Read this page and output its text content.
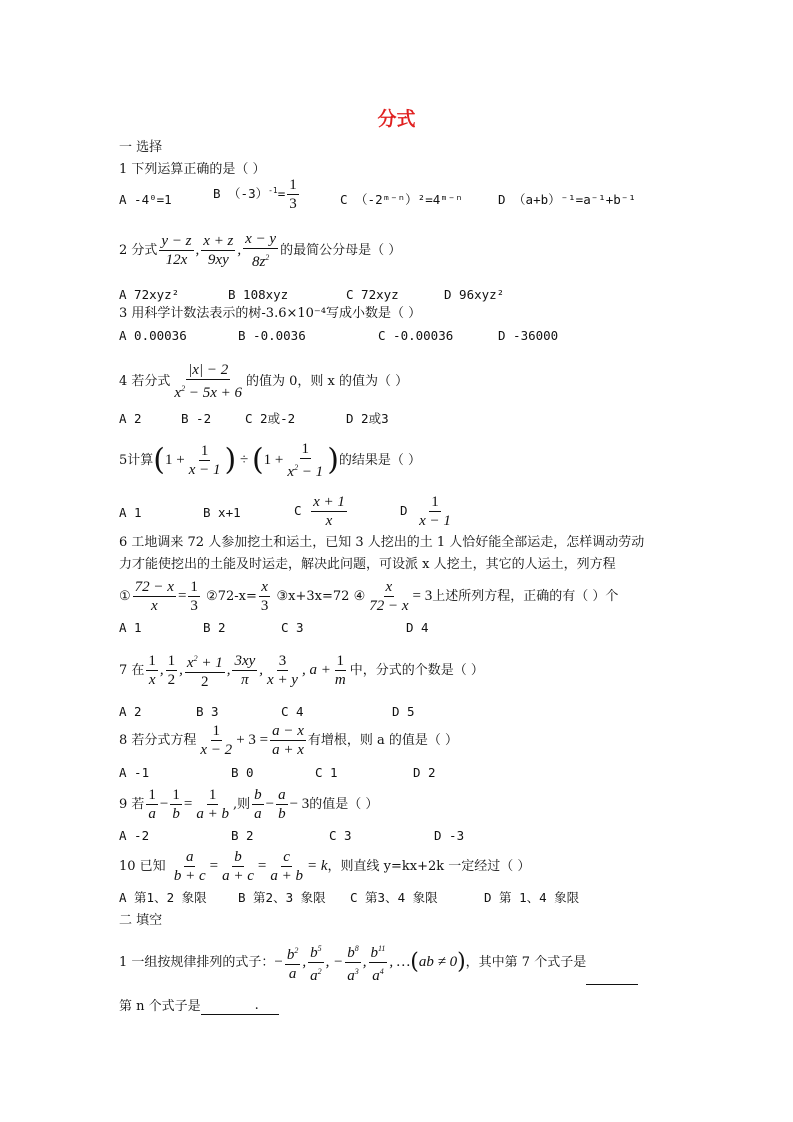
分式
一 选择
1 下列运算正确的是（ ）
A -4⁰=1	B $(-3)^{-1}= \frac{1}{3}$	C （-2ᵐ⁻ⁿ）²=4ᵐ⁻ⁿ	D （a+b）⁻¹=a⁻¹+b⁻¹
2 分式 $\frac{y - z}{12x}$ , $\frac{x + z}{9xy}$ , $\frac{x - y}{8z^2}$ 的最简公分母是（ ）
A 72xyz²	B 108xyz	C 72xyz	D 96xyz²
3 用科学计数法表示的树-3.6×10⁻⁴写成小数是（ ）
A 0.00036	B -0.0036	C -0.00036	D -36000
4 若分式 $\frac{|x| - 2}{x^2 - 5x + 6}$ 的值为 0，则 x 的值为（ ）
A 2	B -2	C 2或-2	D 2或3
5计算($1 + \frac{1}{x - 1}$ ) ÷ ($1 + \frac{1}{x^2 - 1}$ )的结果是（ ）
A 1	B x+1	C $\frac{x + 1}{x}$	D $\frac{1}{x - 1}$
6 工地调来 72 人参加挖土和运土，已知 3 人挖出的土 1 人恰好能全部运走，怎样调动劳动
力才能使挖出的土能及时运走，解决此问题，可设派 x 人挖土，其它的人运土，列方程
① $\frac{72 - x}{x} = \frac{1}{3}$ ②72-x= $\frac{x}{3}$ ③x+3x=72 ④ $\frac{x}{72 - x} = 3$上述所列方程，正确的有（ ）个
A 1	B 2	C 3	D 4
7 在 $\frac{1}{x}$ , $\frac{1}{2}$ , $\frac{x^2 + 1}{2}$ , $\frac{3xy}{\pi}$ , $\frac{3}{x + y}$ , $a + \frac{1}{m}$ 中，分式的个数是（ ）
A 2	B 3	C 4	D 5
8 若分式方程 $\frac{1}{x - 2} + 3 = \frac{a - x}{a + x}$ 有增根，则 a 的值是（ ）
A -1	B 0	C 1	D 2
9 若 $\frac{1}{a} - \frac{1}{b} = \frac{1}{a + b}$ ,则 $\frac{b}{a} - \frac{a}{b} - 3$的值是（ ）
A -2	B 2	C 3	D -3
10 已知 $\frac{a}{b + c} = \frac{b}{a + c} = \frac{c}{a + b} = k$，则直线 y=kx+2k 一定经过（ ）
A 第1、2 象限	B 第2、3 象限 C 第3、4 象限	D 第 1、4 象限
二 填空
1 一组按规律排列的式子：− $\frac{b^2}{a}$ , $\frac{b^5}{a^2}$ , − $\frac{b^8}{a^3}$ , $\frac{b^{11}}{a^4}$ , …(ab ≠ 0)，其中第 7 个式子是
第 n 个式子是	.
